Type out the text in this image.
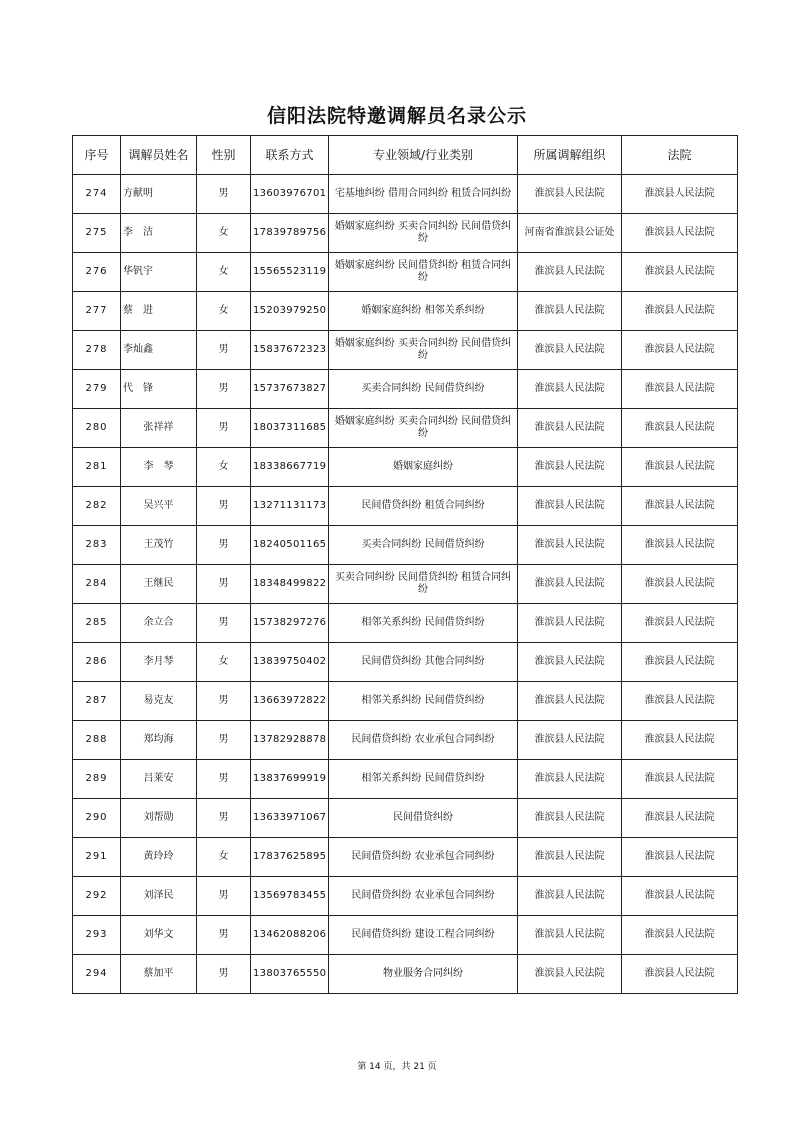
信阳法院特邀调解员名录公示
序号	调解员姓名	性别	联系方式	专业领域/行业类别	所属调解组织	法院
274	方献明	男	13603976701	宅基地纠纷 借用合同纠纷 租赁合同纠纷	淮滨县人民法院	淮滨县人民法院
275	李　洁	女	17839789756	婚姻家庭纠纷 买卖合同纠纷 民间借贷纠纷	河南省淮滨县公证处	淮滨县人民法院
276	华钒宇	女	15565523119	婚姻家庭纠纷 民间借贷纠纷 租赁合同纠纷	淮滨县人民法院	淮滨县人民法院
277	蔡　进	女	15203979250	婚姻家庭纠纷 相邻关系纠纷	淮滨县人民法院	淮滨县人民法院
278	李灿鑫	男	15837672323	婚姻家庭纠纷 买卖合同纠纷 民间借贷纠纷	淮滨县人民法院	淮滨县人民法院
279	代　锋	男	15737673827	买卖合同纠纷 民间借贷纠纷	淮滨县人民法院	淮滨县人民法院
280	张祥祥	男	18037311685	婚姻家庭纠纷 买卖合同纠纷 民间借贷纠纷	淮滨县人民法院	淮滨县人民法院
281	李　琴	女	18338667719	婚姻家庭纠纷	淮滨县人民法院	淮滨县人民法院
282	吴兴平	男	13271131173	民间借贷纠纷 租赁合同纠纷	淮滨县人民法院	淮滨县人民法院
283	王茂竹	男	18240501165	买卖合同纠纷 民间借贷纠纷	淮滨县人民法院	淮滨县人民法院
284	王继民	男	18348499822	买卖合同纠纷 民间借贷纠纷 租赁合同纠纷	淮滨县人民法院	淮滨县人民法院
285	余立合	男	15738297276	相邻关系纠纷 民间借贷纠纷	淮滨县人民法院	淮滨县人民法院
286	李月琴	女	13839750402	民间借贷纠纷 其他合同纠纷	淮滨县人民法院	淮滨县人民法院
287	易克友	男	13663972822	相邻关系纠纷 民间借贷纠纷	淮滨县人民法院	淮滨县人民法院
288	郑均海	男	13782928878	民间借贷纠纷 农业承包合同纠纷	淮滨县人民法院	淮滨县人民法院
289	吕莱安	男	13837699919	相邻关系纠纷 民间借贷纠纷	淮滨县人民法院	淮滨县人民法院
290	刘帮勋	男	13633971067	民间借贷纠纷	淮滨县人民法院	淮滨县人民法院
291	黄玲玲	女	17837625895	民间借贷纠纷 农业承包合同纠纷	淮滨县人民法院	淮滨县人民法院
292	刘泽民	男	13569783455	民间借贷纠纷 农业承包合同纠纷	淮滨县人民法院	淮滨县人民法院
293	刘华文	男	13462088206	民间借贷纠纷 建设工程合同纠纷	淮滨县人民法院	淮滨县人民法院
294	蔡加平	男	13803765550	物业服务合同纠纷	淮滨县人民法院	淮滨县人民法院
第 14 页，共 21 页
